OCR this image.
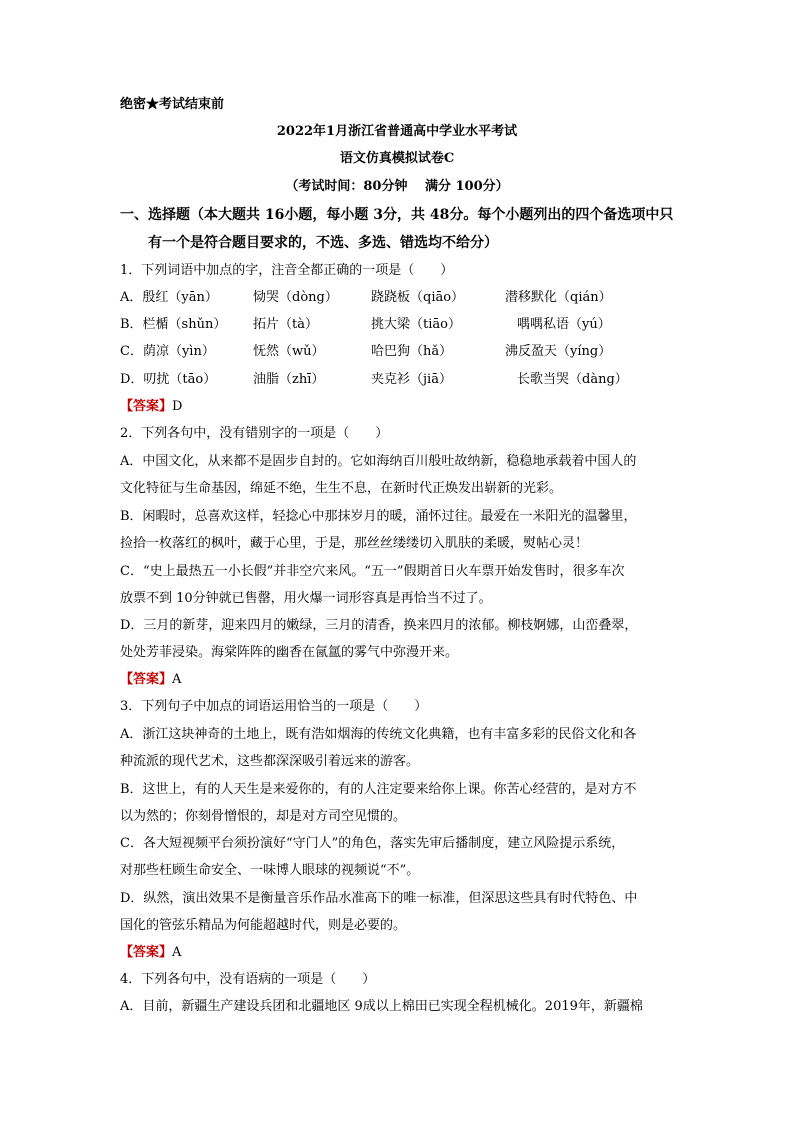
绝密★考试结束前
2022年1月浙江省普通高中学业水平考试
语文仿真模拟试卷C
（考试时间：80分钟　 满分 100分）
一、选择题（本大题共 16小题，每小题 3分，共 48分。每个小题列出的四个备选项中只
有一个是符合题目要求的，不选、多选、错选均不给分）
1．下列词语中加点的字，注音全都正确的一项是（　　）
A．殷红（yān）	恸哭（dòng）	跷跷板（qiāo）	潜移默化（qián）
B．栏楯（shǔn） 拓片（tà）	挑大梁（tiāo）	喁喁私语（yú）
C．荫凉（yìn）	怃然（wǔ）	哈巴狗（hǎ）	沸反盈天（yíng）
D．叨扰（tāo）	油脂（zhī）	夹克衫（jiā）	长歌当哭（dàng）
【答案】D
2．下列各句中，没有错别字的一项是（　　）
A．中国文化，从来都不是固步自封的。它如海纳百川般吐故纳新，稳稳地承载着中国人的
文化特征与生命基因，绵延不绝，生生不息，在新时代正焕发出崭新的光彩。
B．闲暇时，总喜欢这样，轻捻心中那抹岁月的暖，涌怀过往。最爱在一米阳光的温馨里，
捡拾一枚落红的枫叶，藏于心里，于是，那丝丝缕缕切入肌肤的柔暖，熨帖心灵！
C．“史上最热五一小长假”并非空穴来风。“五一”假期首日火车票开始发售时，很多车次
放票不到 10分钟就已售罄，用火爆一词形容真是再恰当不过了。
D．三月的新芽，迎来四月的嫩绿，三月的清香，换来四月的浓郁。柳枝婀娜，山峦叠翠，
处处芳菲浸染。海棠阵阵的幽香在氤氲的雾气中弥漫开来。
【答案】A
3．下列句子中加点的词语运用恰当的一项是（　　）
A．浙江这块神奇的土地上，既有浩如烟海的传统文化典籍，也有丰富多彩的民俗文化和各
种流派的现代艺术，这些都深深吸引着远来的游客。
B．这世上，有的人天生是来爱你的，有的人注定要来给你上课。你苦心经营的，是对方不
以为然的；你刻骨憎恨的，却是对方司空见惯的。
C．各大短视频平台须扮演好“守门人”的角色，落实先审后播制度，建立风险提示系统，
对那些枉顾生命安全、一味博人眼球的视频说“不”。
D．纵然，演出效果不是衡量音乐作品水准高下的唯一标准，但深思这些具有时代特色、中
国化的管弦乐精品为何能超越时代，则是必要的。
【答案】A
4．下列各句中，没有语病的一项是（　　）
A．目前，新疆生产建设兵团和北疆地区 9成以上棉田已实现全程机械化。2019年，新疆棉
